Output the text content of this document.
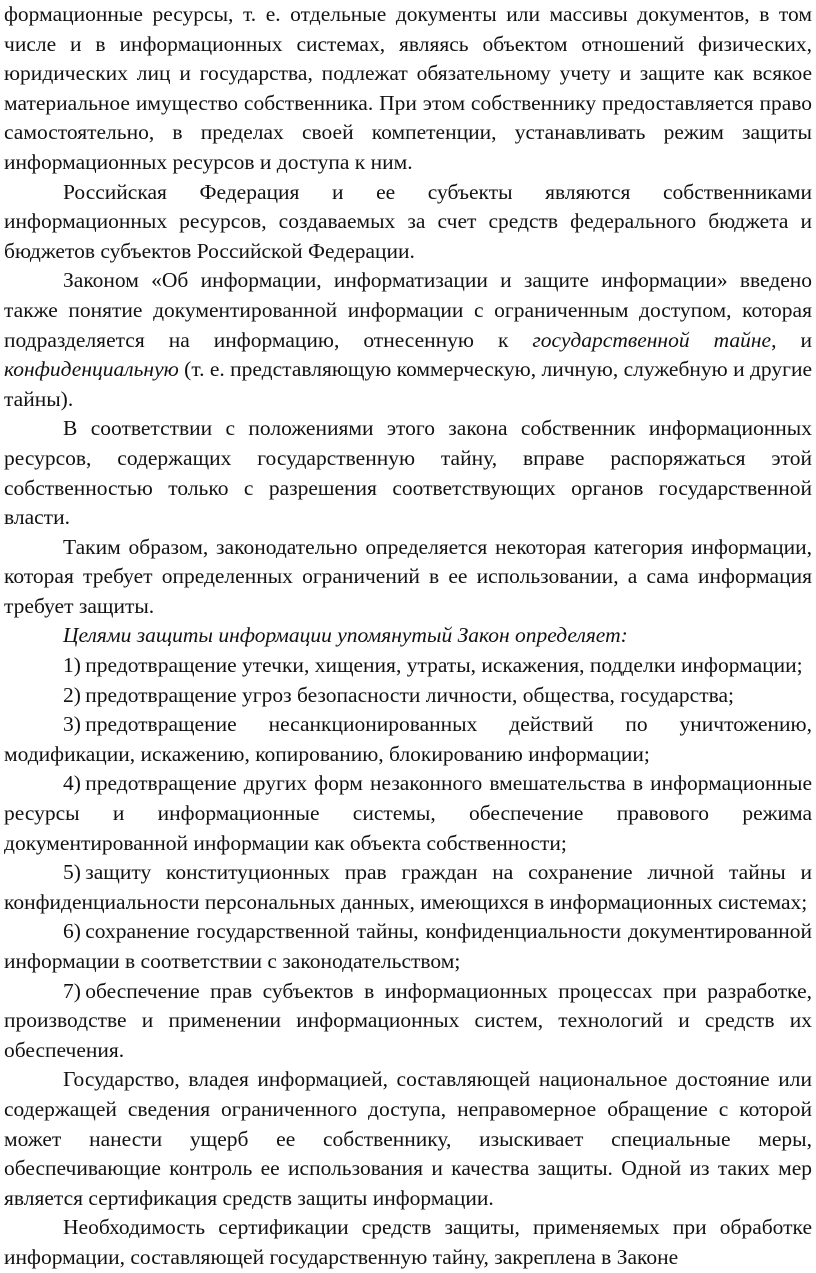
формационные ресурсы, т. е. отдельные документы или массивы документов, в том числе и в информационных системах, являясь объектом отношений физических, юридических лиц и государства, подлежат обязательному учету и защите как всякое материальное имущество собственника. При этом собственнику предоставляется право самостоятельно, в пределах своей компетенции, устанавливать режим защиты информационных ресурсов и доступа к ним.

Российская Федерация и ее субъекты являются собственниками информационных ресурсов, создаваемых за счет средств федерального бюджета и бюджетов субъектов Российской Федерации.

Законом «Об информации, информатизации и защите информации» введено также понятие документированной информации с ограниченным доступом, которая подразделяется на информацию, отнесенную к государственной тайне, и конфиденциальную (т. е. представляющую коммерческую, личную, служебную и другие тайны).

В соответствии с положениями этого закона собственник информационных ресурсов, содержащих государственную тайну, вправе распоряжаться этой собственностью только с разрешения соответствующих органов государственной власти.

Таким образом, законодательно определяется некоторая категория информации, которая требует определенных ограничений в ее использовании, а сама информация требует защиты.

Целями защиты информации упомянутый Закон определяет:

1)  предотвращение утечки, хищения, утраты, искажения, подделки информации;

2)  предотвращение угроз безопасности личности, общества, государства;

3)  предотвращение несанкционированных действий по уничтожению, модификации, искажению, копированию, блокированию информации;

4)  предотвращение других форм незаконного вмешательства в информационные ресурсы и информационные системы, обеспечение правового режима документированной информации как объекта собственности;

5)  защиту конституционных прав граждан на сохранение личной тайны и конфиденциальности персональных данных, имеющихся в информационных системах;

6)  сохранение государственной тайны, конфиденциальности документированной информации в соответствии с законодательством;

7)  обеспечение прав субъектов в информационных процессах при разработке, производстве и применении информационных систем, технологий и средств их обеспечения.

Государство, владея информацией, составляющей национальное достояние или содержащей сведения ограниченного доступа, неправомерное обращение с которой может нанести ущерб ее собственнику, изыскивает специальные меры, обеспечивающие контроль ее использования и качества защиты. Одной из таких мер является сертификация средств защиты информации.

Необходимость сертификации средств защиты, применяемых при обработке информации, составляющей государственную тайну, закреплена в Законе
